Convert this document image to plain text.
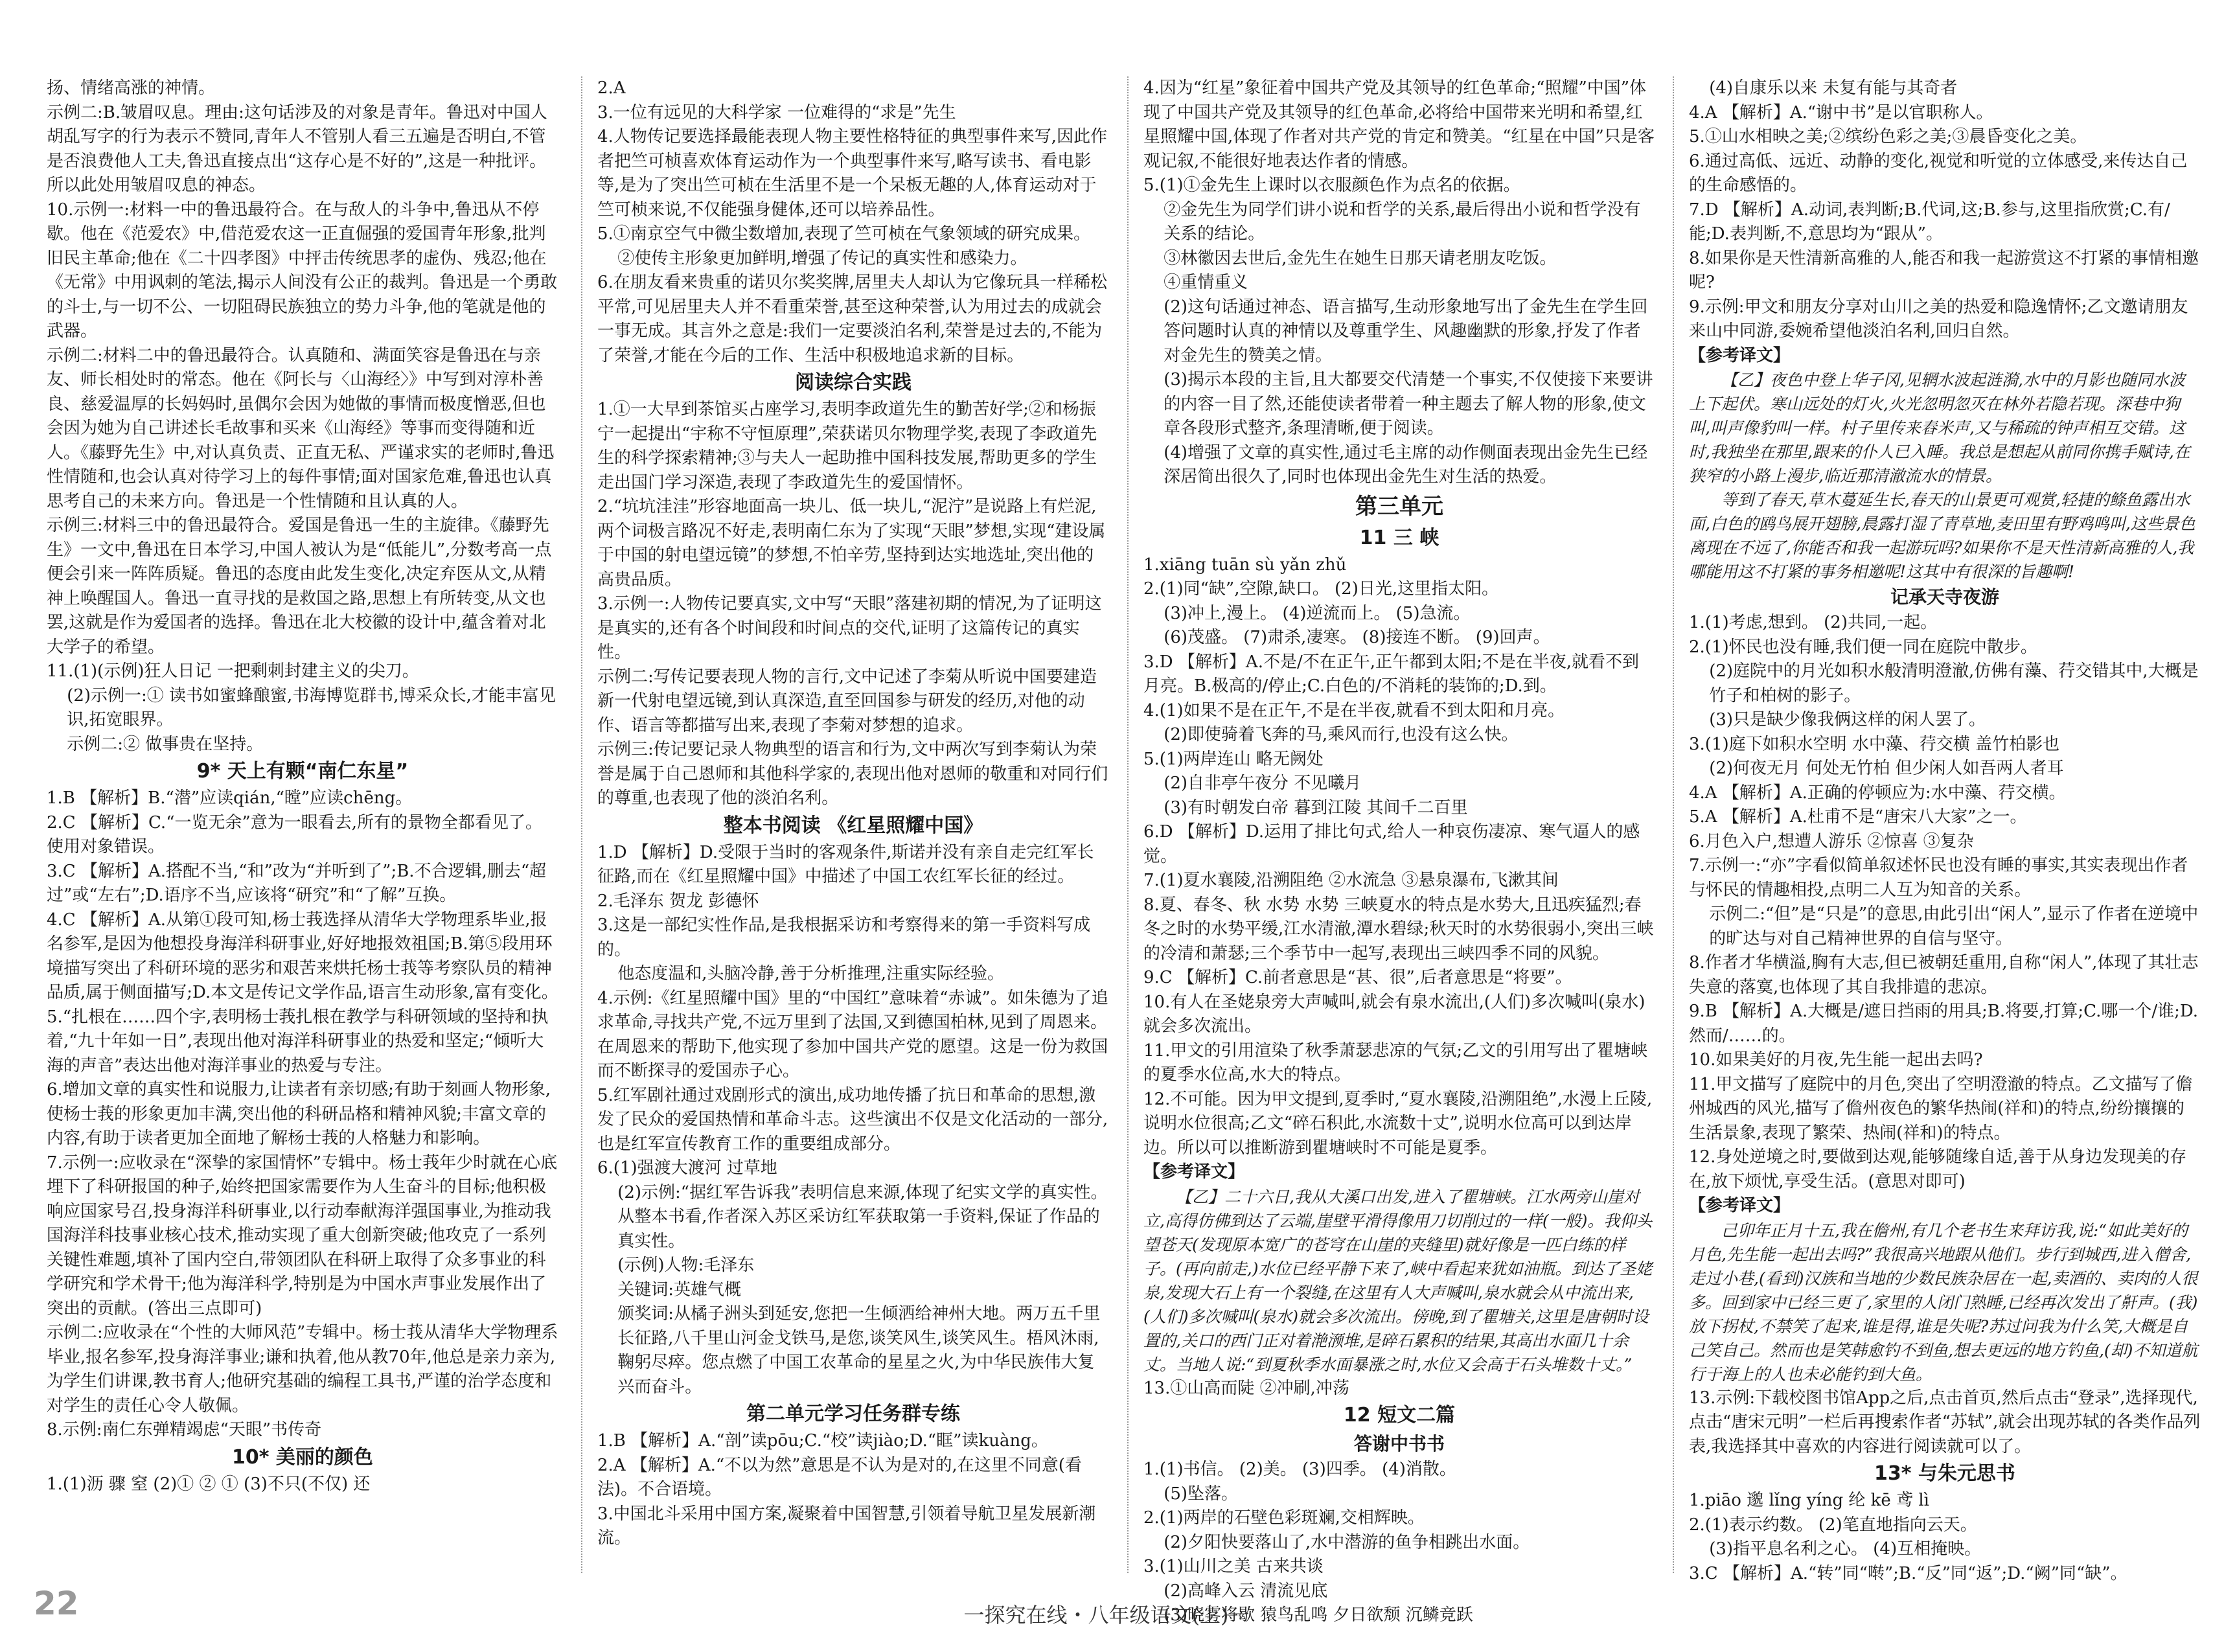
扬、情绪高涨的神情。

示例二:B.皱眉叹息。理由:这句话涉及的对象是青年。鲁迅对中国人胡乱写字的行为表示不赞同,青年人不管别人看三五遍是否明白,不管是否浪费他人工夫,鲁迅直接点出“这存心是不好的”,这是一种批评。所以此处用皱眉叹息的神态。

10.示例一:材料一中的鲁迅最符合。在与敌人的斗争中,鲁迅从不停歇。他在《范爱农》中,借范爱农这一正直倔强的爱国青年形象,批判旧民主革命;他在《二十四孝图》中抨击传统思孝的虚伪、残忍;他在《无常》中用讽刺的笔法,揭示人间没有公正的裁判。鲁迅是一个勇敢的斗士,与一切不公、一切阻碍民族独立的势力斗争,他的笔就是他的武器。

示例二:材料二中的鲁迅最符合。认真随和、满面笑容是鲁迅在与亲友、师长相处时的常态。他在《阿长与〈山海经〉》中写到对淳朴善良、慈爱温厚的长妈妈时,虽偶尔会因为她做的事情而极度憎恶,但也会因为她为自己讲述长毛故事和买来《山海经》等事而变得随和近人。《藤野先生》中,对认真负责、正直无私、严谨求实的老师时,鲁迅性情随和,也会认真对待学习上的每件事情;面对国家危难,鲁迅也认真思考自己的未来方向。鲁迅是一个性情随和且认真的人。

示例三:材料三中的鲁迅最符合。爱国是鲁迅一生的主旋律。《藤野先生》一文中,鲁迅在日本学习,中国人被认为是“低能儿”,分数考高一点便会引来一阵阵质疑。鲁迅的态度由此发生变化,决定弃医从文,从精神上唤醒国人。鲁迅一直寻找的是救国之路,思想上有所转变,从文也罢,这就是作为爱国者的选择。鲁迅在北大校徽的设计中,蕴含着对北大学子的希望。

11.(1)(示例)狂人日记 一把剩刺封建主义的尖刀。

(2)示例一:① 读书如蜜蜂酿蜜,书海博览群书,博采众长,才能丰富见识,拓宽眼界。

示例二:② 做事贵在坚持。

9* 天上有颗“南仁东星”

1.B 【解析】B.“潜”应读qián,“瞠”应读chēng。

2.C 【解析】C.“一览无余”意为一眼看去,所有的景物全都看见了。使用对象错误。

3.C 【解析】A.搭配不当,“和”改为“并听到了”;B.不合逻辑,删去“超过”或“左右”;D.语序不当,应该将“研究”和“了解”互换。

4.C 【解析】A.从第①段可知,杨士莪选择从清华大学物理系毕业,报名参军,是因为他想投身海洋科研事业,好好地报效祖国;B.第⑤段用环境描写突出了科研环境的恶劣和艰苦来烘托杨士莪等考察队员的精神品质,属于侧面描写;D.本文是传记文学作品,语言生动形象,富有变化。

5.“扎根在……四个字,表明杨士莪扎根在教学与科研领域的坚持和执着,“九十年如一日”,表现出他对海洋科研事业的热爱和坚定;“倾听大海的声音”表达出他对海洋事业的热爱与专注。

6.增加文章的真实性和说服力,让读者有亲切感;有助于刻画人物形象,使杨士莪的形象更加丰满,突出他的科研品格和精神风貌;丰富文章的内容,有助于读者更加全面地了解杨士莪的人格魅力和影响。

7.示例一:应收录在“深挚的家国情怀”专辑中。杨士莪年少时就在心底埋下了科研报国的种子,始终把国家需要作为人生奋斗的目标;他积极响应国家号召,投身海洋科研事业,以行动奉献海洋强国事业,为推动我国海洋科技事业核心技术,推动实现了重大创新突破;他攻克了一系列关键性难题,填补了国内空白,带领团队在科研上取得了众多事业的科学研究和学术骨干;他为海洋科学,特别是为中国水声事业发展作出了突出的贡献。(答出三点即可)

示例二:应收录在“个性的大师风范”专辑中。杨士莪从清华大学物理系毕业,报名参军,投身海洋事业;谦和执着,他从教70年,他总是亲力亲为,为学生们讲课,教书育人;他研究基础的编程工具书,严谨的治学态度和对学生的责任心令人敬佩。

8.示例:南仁东弹精竭虑“天眼”书传奇

10* 美丽的颜色

1.(1)沥 骤 窒 (2)① ② ① (3)不只(不仅) 还

2.A

3.一位有远见的大科学家 一位难得的“求是”先生

4.人物传记要选择最能表现人物主要性格特征的典型事件来写,因此作者把竺可桢喜欢体育运动作为一个典型事件来写,略写读书、看电影等,是为了突出竺可桢在生活里不是一个呆板无趣的人,体育运动对于竺可桢来说,不仅能强身健体,还可以培养品性。

5.①南京空气中微尘数增加,表现了竺可桢在气象领域的研究成果。

②使传主形象更加鲜明,增强了传记的真实性和感染力。

6.在朋友看来贵重的诺贝尔奖奖牌,居里夫人却认为它像玩具一样稀松平常,可见居里夫人并不看重荣誉,甚至这种荣誉,认为用过去的成就会一事无成。其言外之意是:我们一定要淡泊名利,荣誉是过去的,不能为了荣誉,才能在今后的工作、生活中积极地追求新的目标。

阅读综合实践

1.①一大早到茶馆买占座学习,表明李政道先生的勤苦好学;②和杨振宁一起提出“宇称不守恒原理”,荣获诺贝尔物理学奖,表现了李政道先生的科学探索精神;③与夫人一起助推中国科技发展,帮助更多的学生走出国门学习深造,表现了李政道先生的爱国情怀。

2.“坑坑洼洼”形容地面高一块儿、低一块儿,“泥泞”是说路上有烂泥,两个词极言路况不好走,表明南仁东为了实现“天眼”梦想,实现“建设属于中国的射电望远镜”的梦想,不怕辛劳,坚持到达实地选址,突出他的高贵品质。

3.示例一:人物传记要真实,文中写“天眼”落建初期的情况,为了证明这是真实的,还有各个时间段和时间点的交代,证明了这篇传记的真实性。

示例二:写传记要表现人物的言行,文中记述了李菊从听说中国要建造新一代射电望远镜,到认真深造,直至回国参与研发的经历,对他的动作、语言等都描写出来,表现了李菊对梦想的追求。

示例三:传记要记录人物典型的语言和行为,文中两次写到李菊认为荣誉是属于自己恩师和其他科学家的,表现出他对恩师的敬重和对同行们的尊重,也表现了他的淡泊名利。

整本书阅读 《红星照耀中国》

1.D 【解析】D.受限于当时的客观条件,斯诺并没有亲自走完红军长征路,而在《红星照耀中国》中描述了中国工农红军长征的经过。

2.毛泽东 贺龙 彭德怀

3.这是一部纪实性作品,是我根据采访和考察得来的第一手资料写成的。

他态度温和,头脑冷静,善于分析推理,注重实际经验。

4.示例:《红星照耀中国》里的“中国红”意味着“赤诚”。如朱德为了追求革命,寻找共产党,不远万里到了法国,又到德国柏林,见到了周恩来。在周恩来的帮助下,他实现了参加中国共产党的愿望。这是一份为救国而不断探寻的爱国赤子心。

5.红军剧社通过戏剧形式的演出,成功地传播了抗日和革命的思想,激发了民众的爱国热情和革命斗志。这些演出不仅是文化活动的一部分,也是红军宣传教育工作的重要组成部分。

6.(1)强渡大渡河 过草地

(2)示例:“据红军告诉我”表明信息来源,体现了纪实文学的真实性。从整本书看,作者深入苏区采访红军获取第一手资料,保证了作品的真实性。

(示例)人物:毛泽东

关键词:英雄气概

颁奖词:从橘子洲头到延安,您把一生倾洒给神州大地。两万五千里长征路,八千里山河金戈铁马,是您,谈笑风生,谈笑风生。梧风沐雨,鞠躬尽瘁。您点燃了中国工农革命的星星之火,为中华民族伟大复兴而奋斗。

第二单元学习任务群专练

1.B 【解析】A.“剖”读pōu;C.“校”读jiào;D.“眶”读kuàng。

2.A 【解析】A.“不以为然”意思是不认为是对的,在这里不同意(看法)。不合语境。

3.中国北斗采用中国方案,凝聚着中国智慧,引领着导航卫星发展新潮流。

4.因为“红星”象征着中国共产党及其领导的红色革命;“照耀”中国”体现了中国共产党及其领导的红色革命,必将给中国带来光明和希望,红星照耀中国,体现了作者对共产党的肯定和赞美。“红星在中国”只是客观记叙,不能很好地表达作者的情感。

5.(1)①金先生上课时以衣服颜色作为点名的依据。

②金先生为同学们讲小说和哲学的关系,最后得出小说和哲学没有关系的结论。

③林徽因去世后,金先生在她生日那天请老朋友吃饭。

④重情重义

(2)这句话通过神态、语言描写,生动形象地写出了金先生在学生回答问题时认真的神情以及尊重学生、风趣幽默的形象,抒发了作者对金先生的赞美之情。

(3)揭示本段的主旨,且大都要交代清楚一个事实,不仅使接下来要讲的内容一目了然,还能使读者带着一种主题去了解人物的形象,使文章各段形式整齐,条理清晰,便于阅读。

(4)增强了文章的真实性,通过毛主席的动作侧面表现出金先生已经深居简出很久了,同时也体现出金先生对生活的热爱。

第三单元
11 三 峡

1.xiāng tuān sù yǎn zhǔ

2.(1)同“缺”,空隙,缺口。 (2)日光,这里指太阳。

(3)冲上,漫上。 (4)逆流而上。 (5)急流。

(6)茂盛。 (7)肃杀,凄寒。 (8)接连不断。 (9)回声。

3.D 【解析】A.不是/不在正午,正午都到太阳;不是在半夜,就看不到月亮。B.极高的/停止;C.白色的/不消耗的装饰的;D.到。

4.(1)如果不是在正午,不是在半夜,就看不到太阳和月亮。

(2)即使骑着飞奔的马,乘风而行,也没有这么快。

5.(1)两岸连山 略无阙处

(2)自非亭午夜分 不见曦月

(3)有时朝发白帝 暮到江陵 其间千二百里

6.D 【解析】D.运用了排比句式,给人一种哀伤凄凉、寒气逼人的感觉。

7.(1)夏水襄陵,沿溯阻绝 ②水流急 ③悬泉瀑布,飞漱其间

8.夏、春冬、秋 水势 水势 三峡夏水的特点是水势大,且迅疾猛烈;春冬之时的水势平缓,江水清澈,潭水碧绿;秋天时的水势很弱小,突出三峡的冷清和萧瑟;三个季节中一起写,表现出三峡四季不同的风貌。

9.C 【解析】C.前者意思是“甚、很”,后者意思是“将要”。

10.有人在圣姥泉旁大声喊叫,就会有泉水流出,(人们)多次喊叫(泉水)就会多次流出。

11.甲文的引用渲染了秋季萧瑟悲凉的气氛;乙文的引用写出了瞿塘峡的夏季水位高,水大的特点。

12.不可能。因为甲文提到,夏季时,“夏水襄陵,沿溯阻绝”,水漫上丘陵,说明水位很高;乙文“碎石积此,水流数十丈”,说明水位高可以到达岸边。所以可以推断游到瞿塘峡时不可能是夏季。

【参考译文】

【乙】二十六日,我从大溪口出发,进入了瞿塘峡。江水两旁山崖对立,高得仿佛到达了云端,崖壁平滑得像用刀切削过的一样(一般)。我仰头望苍天(发现原本宽广的苍穹在山崖的夹缝里)就好像是一匹白练的样子。(再向前走,)水位已经平静下来了,峡中看起来犹如油瓶。到达了圣姥泉,发现大石上有一个裂缝,在这里有人大声喊叫,泉水就会从中流出来,(人们)多次喊叫(泉水)就会多次流出。傍晚,到了瞿塘关,这里是唐朝时设置的,关口的西门正对着滟滪堆,是碎石累积的结果,其高出水面几十余丈。当地人说:“到夏秋季水面暴涨之时,水位又会高于石头堆数十丈。”

13.①山高而陡 ②冲刷,冲荡

12 短文二篇
答谢中书书

1.(1)书信。 (2)美。 (3)四季。 (4)消散。

(5)坠落。

2.(1)两岸的石壁色彩斑斓,交相辉映。

(2)夕阳快要落山了,水中潜游的鱼争相跳出水面。

3.(1)山川之美 古来共谈

(2)高峰入云 清流见底

(3)晓雾将歇 猿鸟乱鸣 夕日欲颓 沉鳞竞跃

(4)自康乐以来 未复有能与其奇者

4.A 【解析】A.“谢中书”是以官职称人。

5.①山水相映之美;②缤纷色彩之美;③晨昏变化之美。

6.通过高低、远近、动静的变化,视觉和听觉的立体感受,来传达自己的生命感悟的。

7.D 【解析】A.动词,表判断;B.代词,这;B.参与,这里指欣赏;C.有/能;D.表判断,不,意思均为“跟从”。

8.如果你是天性清新高雅的人,能否和我一起游赏这不打紧的事情相邀呢?

9.示例:甲文和朋友分享对山川之美的热爱和隐逸情怀;乙文邀请朋友来山中同游,委婉希望他淡泊名利,回归自然。

【参考译文】

【乙】夜色中登上华子冈,见辋水波起涟漪,水中的月影也随同水波上下起伏。寒山远处的灯火,火光忽明忽灭在林外若隐若现。深巷中狗叫,叫声像豹叫一样。村子里传来舂米声,又与稀疏的钟声相互交错。这时,我独坐在那里,跟来的仆人已入睡。我总是想起从前同你携手赋诗,在狭窄的小路上漫步,临近那清澈流水的情景。

等到了春天,草木蔓延生长,春天的山景更可观赏,轻捷的鲦鱼露出水面,白色的鸥鸟展开翅膀,晨露打湿了青草地,麦田里有野鸡鸣叫,这些景色离现在不远了,你能否和我一起游玩吗?如果你不是天性清新高雅的人,我哪能用这不打紧的事务相邀呢!这其中有很深的旨趣啊!

记承天寺夜游

1.(1)考虑,想到。 (2)共同,一起。

2.(1)怀民也没有睡,我们便一同在庭院中散步。

(2)庭院中的月光如积水般清明澄澈,仿佛有藻、荇交错其中,大概是竹子和柏树的影子。

(3)只是缺少像我俩这样的闲人罢了。

3.(1)庭下如积水空明 水中藻、荇交横 盖竹柏影也

(2)何夜无月 何处无竹柏 但少闲人如吾两人者耳

4.A 【解析】A.正确的停顿应为:水中藻、荇交横。

5.A 【解析】A.杜甫不是“唐宋八大家”之一。

6.月色入户,想遭人游乐 ②惊喜 ③复杂

7.示例一:“亦”字看似简单叙述怀民也没有睡的事实,其实表现出作者与怀民的情趣相投,点明二人互为知音的关系。

示例二:“但”是“只是”的意思,由此引出“闲人”,显示了作者在逆境中的旷达与对自己精神世界的自信与坚守。

8.作者才华横溢,胸有大志,但已被朝廷重用,自称“闲人”,体现了其壮志失意的落寞,也体现了其自我排遣的悲凉。

9.B 【解析】A.大概是/遮日挡雨的用具;B.将要,打算;C.哪一个/谁;D.然而/……的。

10.如果美好的月夜,先生能一起出去吗?

11.甲文描写了庭院中的月色,突出了空明澄澈的特点。乙文描写了儋州城西的风光,描写了儋州夜色的繁华热闹(祥和)的特点,纷纷攘攘的生活景象,表现了繁荣、热闹(祥和)的特点。

12.身处逆境之时,要做到达观,能够随缘自适,善于从身边发现美的存在,放下烦忧,享受生活。(意思对即可)

【参考译文】

己卯年正月十五,我在儋州,有几个老书生来拜访我,说:“如此美好的月色,先生能一起出去吗?”我很高兴地跟从他们。步行到城西,进入僧舍,走过小巷,(看到)汉族和当地的少数民族杂居在一起,卖酒的、卖肉的人很多。回到家中已经三更了,家里的人闭门熟睡,已经再次发出了鼾声。(我)放下拐杖,不禁笑了起来,谁是得,谁是失呢?苏过问我为什么笑,大概是自己笑自己。然而也是笑韩愈钓不到鱼,想去更远的地方钓鱼,(却)不知道航行于海上的人也未必能钓到大鱼。

13.示例:下载校图书馆App之后,点击首页,然后点击“登录”,选择现代,点击“唐宋元明”一栏后再搜索作者“苏轼”,就会出现苏轼的各类作品列表,我选择其中喜欢的内容进行阅读就可以了。

13* 与朱元思书

1.piāo 邈 lǐng yíng 纶 kē 鸢 lì

2.(1)表示约数。 (2)笔直地指向云天。

(3)指平息名利之心。 (4)互相掩映。

3.C 【解析】A.“转”同“啭”;B.“反”同“返”;D.“阙”同“缺”。

22	一探究在线・八年级语文(上)一
